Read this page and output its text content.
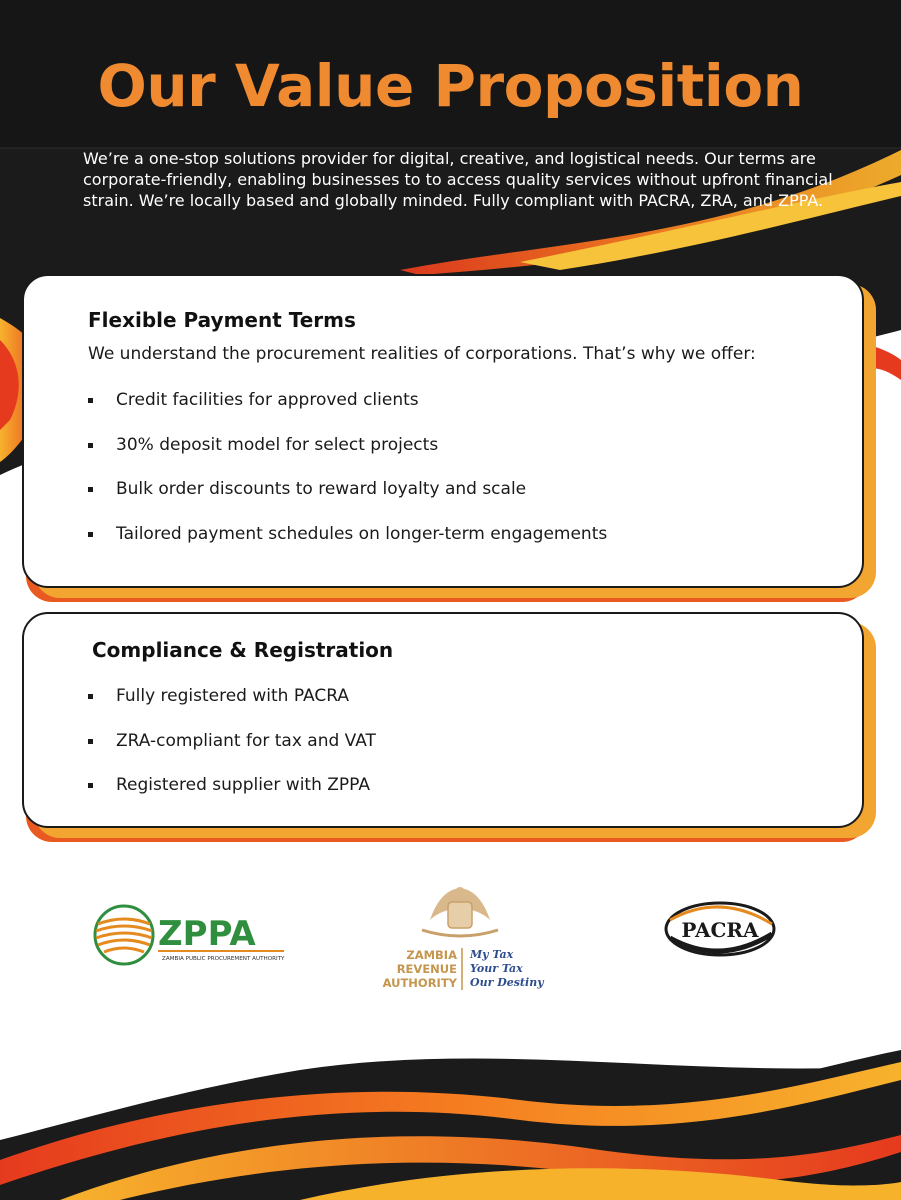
Our Value Proposition

We’re a one-stop solutions provider for digital, creative, and logistical needs. Our terms are corporate-friendly, enabling businesses to to access quality services without upfront financial strain. We’re locally based and globally minded. Fully compliant with PACRA, ZRA, and ZPPA.

Flexible Payment Terms

We understand the procurement realities of corporations. That’s why we offer:

Credit facilities for approved clients
30% deposit model for select projects
Bulk order discounts to reward loyalty and scale
Tailored payment schedules on longer-term engagements
Compliance & Registration
Fully registered with PACRA
ZRA-compliant for tax and VAT
Registered supplier with ZPPA
ZPPA
ZAMBIA PUBLIC PROCUREMENT AUTHORITY	ZAMBIA
REVENUE
AUTHORITY
My Tax
Your Tax
Our Destiny
PACRA
